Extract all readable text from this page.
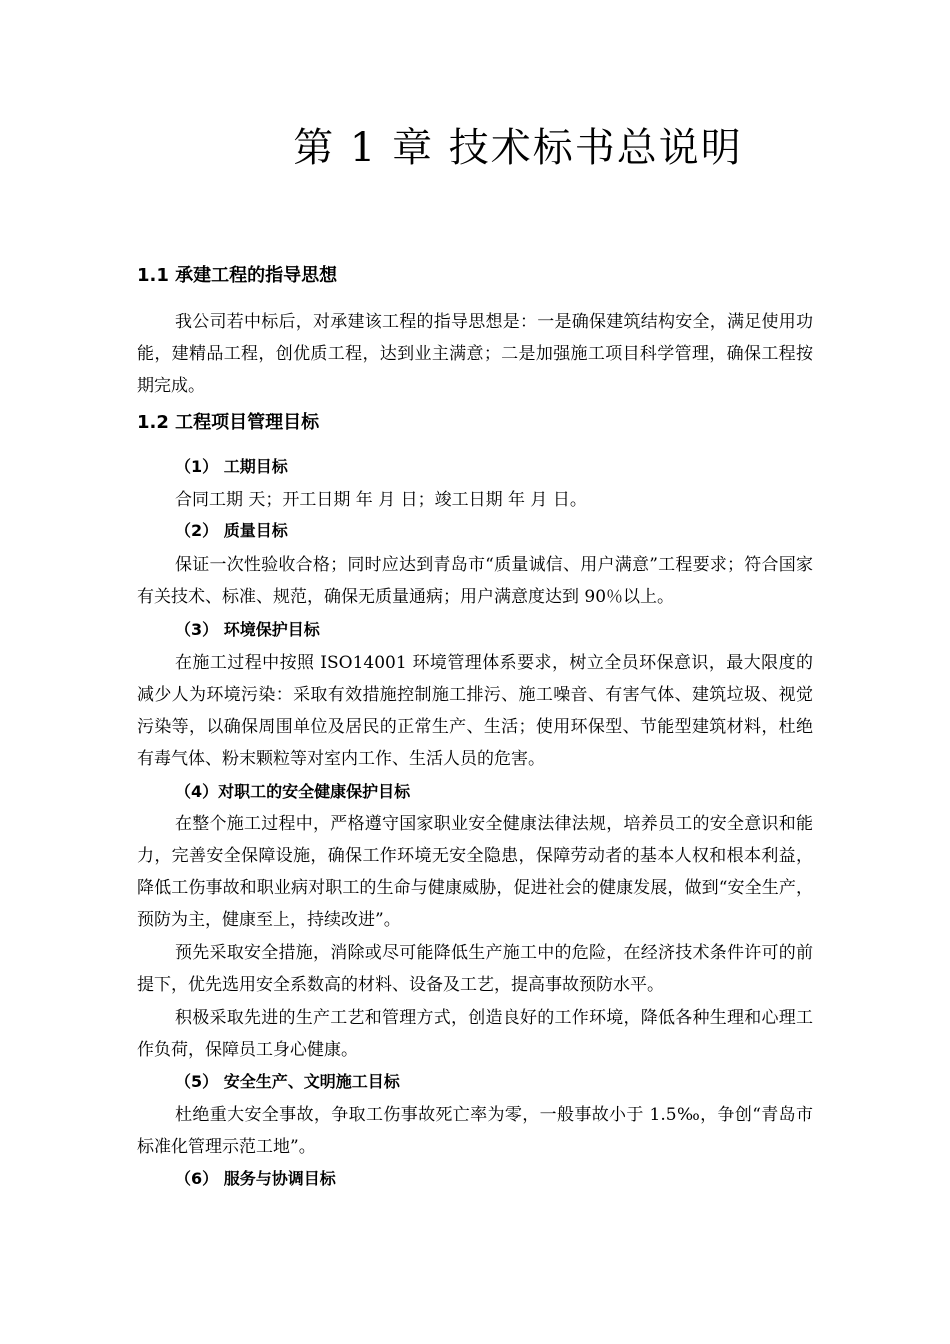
第 1 章 技术标书总说明
1.1 承建工程的指导思想

我公司若中标后，对承建该工程的指导思想是：一是确保建筑结构安全，满足使用功能，建精品工程，创优质工程，达到业主满意；二是加强施工项目科学管理，确保工程按期完成。

1.2 工程项目管理目标
（1） 工期目标

合同工期 天；开工日期 年 月 日；竣工日期 年 月 日。

（2） 质量目标

保证一次性验收合格；同时应达到青岛市“质量诚信、用户满意”工程要求；符合国家有关技术、标准、规范，确保无质量通病；用户满意度达到 90％以上。

（3） 环境保护目标

在施工过程中按照 ISO14001 环境管理体系要求，树立全员环保意识，最大限度的减少人为环境污染：采取有效措施控制施工排污、施工噪音、有害气体、建筑垃圾、视觉污染等，以确保周围单位及居民的正常生产、生活；使用环保型、节能型建筑材料，杜绝有毒气体、粉末颗粒等对室内工作、生活人员的危害。

（4）对职工的安全健康保护目标

在整个施工过程中，严格遵守国家职业安全健康法律法规，培养员工的安全意识和能力，完善安全保障设施，确保工作环境无安全隐患，保障劳动者的基本人权和根本利益，降低工伤事故和职业病对职工的生命与健康威胁，促进社会的健康发展，做到“安全生产，预防为主，健康至上，持续改进”。

预先采取安全措施，消除或尽可能降低生产施工中的危险，在经济技术条件许可的前提下，优先选用安全系数高的材料、设备及工艺，提高事故预防水平。

积极采取先进的生产工艺和管理方式，创造良好的工作环境，降低各种生理和心理工作负荷，保障员工身心健康。

（5） 安全生产、文明施工目标

杜绝重大安全事故，争取工伤事故死亡率为零，一般事故小于 1.5‰，争创“青岛市标准化管理示范工地”。

（6） 服务与协调目标
